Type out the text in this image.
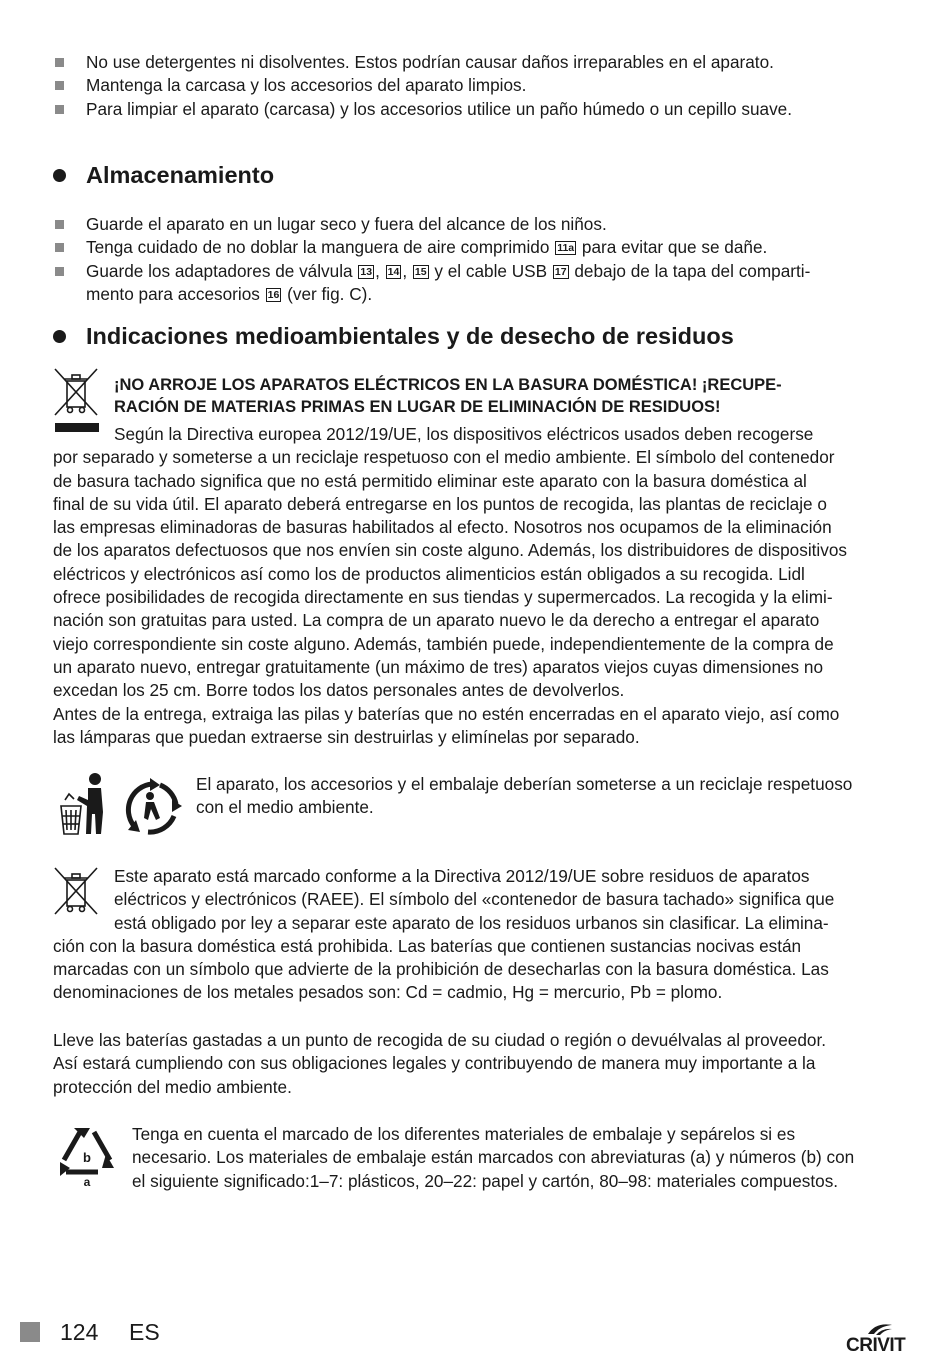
No use detergentes ni disolventes. Estos podrían causar daños irreparables en el aparato.
Mantenga la carcasa y los accesorios del aparato limpios.
Para limpiar el aparato (carcasa) y los accesorios utilice un paño húmedo o un cepillo suave.
Almacenamiento
Guarde el aparato en un lugar seco y fuera del alcance de los niños.
Tenga cuidado de no doblar la manguera de aire comprimido 11a para evitar que se dañe.
Guarde los adaptadores de válvula 13 , 14 , 15 y el cable USB 17 debajo de la tapa del comparti-
mento para accesorios 16 (ver fig. C).
Indicaciones medioambientales y de desecho de residuos
¡NO ARROJE LOS APARATOS ELÉCTRICOS EN LA BASURA DOMÉSTICA! ¡RECUPE-
RACIÓN DE MATERIAS PRIMAS EN LUGAR DE ELIMINACIÓN DE RESIDUOS!
Según la Directiva europea 2012/19/UE, los dispositivos eléctricos usados deben recogerse
por separado y someterse a un reciclaje respetuoso con el medio ambiente. El símbolo del contenedor
de basura tachado significa que no está permitido eliminar este aparato con la basura doméstica al
final de su vida útil. El aparato deberá entregarse en los puntos de recogida, las plantas de reciclaje o
las empresas eliminadoras de basuras habilitados al efecto. Nosotros nos ocupamos de la eliminación
de los aparatos defectuosos que nos envíen sin coste alguno. Además, los distribuidores de dispositivos
eléctricos y electrónicos así como los de productos alimenticios están obligados a su recogida. Lidl
ofrece posibilidades de recogida directamente en sus tiendas y supermercados. La recogida y la elimi-
nación son gratuitas para usted. La compra de un aparato nuevo le da derecho a entregar el aparato
viejo correspondiente sin coste alguno. Además, también puede, independientemente de la compra de
un aparato nuevo, entregar gratuitamente (un máximo de tres) aparatos viejos cuyas dimensiones no
excedan los 25 cm. Borre todos los datos personales antes de devolverlos.
Antes de la entrega, extraiga las pilas y baterías que no estén encerradas en el aparato viejo, así como
las lámparas que puedan extraerse sin destruirlas y elimínelas por separado.
El aparato, los accesorios y el embalaje deberían someterse a un reciclaje respetuoso
con el medio ambiente.
Este aparato está marcado conforme a la Directiva 2012/19/UE sobre residuos de aparatos
eléctricos y electrónicos (RAEE). El símbolo del «contenedor de basura tachado» significa que
está obligado por ley a separar este aparato de los residuos urbanos sin clasificar. La elimina-
ción con la basura doméstica está prohibida. Las baterías que contienen sustancias nocivas están
marcadas con un símbolo que advierte de la prohibición de desecharlas con la basura doméstica. Las
denominaciones de los metales pesados son: Cd = cadmio, Hg = mercurio, Pb = plomo.
Lleve las baterías gastadas a un punto de recogida de su ciudad o región o devuélvalas al proveedor.
Así estará cumpliendo con sus obligaciones legales y contribuyendo de manera muy importante a la
protección del medio ambiente.
b
a
Tenga en cuenta el marcado de los diferentes materiales de embalaje y sepárelos si es
necesario. Los materiales de embalaje están marcados con abreviaturas (a) y números (b) con
el siguiente significado:1–7: plásticos, 20–22: papel y cartón, 80–98: materiales compuestos.
124 ES
CRIVIT
